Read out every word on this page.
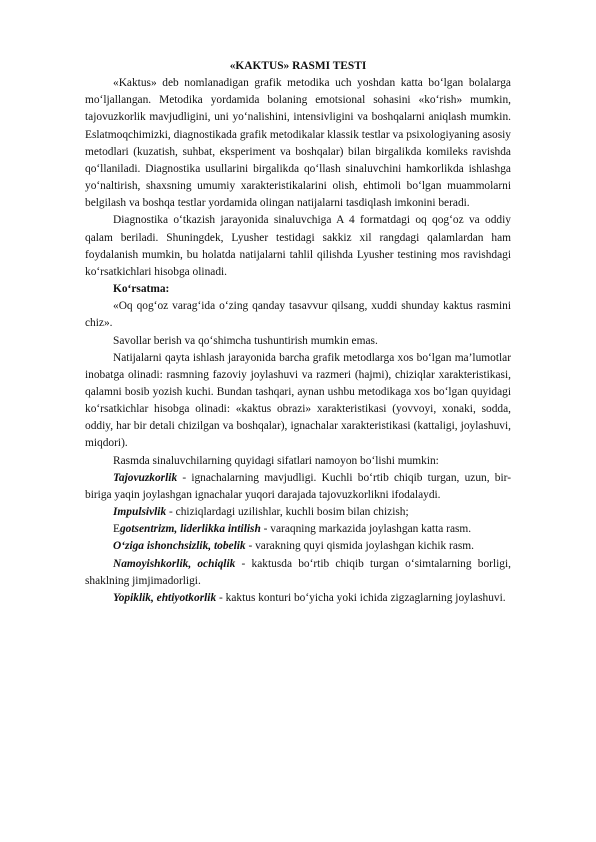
«KAKTUS» RASMI TESTI

«Kaktus» deb nomlanadigan grafik metodika uch yoshdan katta bo‘lgan bolalarga mo‘ljallangan. Metodika yordamida bolaning emotsional sohasini «ko‘rish» mumkin, tajovuzkorlik mavjudligini, uni yo‘nalishini, intensivligini va boshqalarni aniqlash mumkin. Eslatmoqchimizki, diagnostikada grafik metodikalar klassik testlar va psixologiyaning asosiy metodlari (kuzatish, suhbat, eksperiment va boshqalar) bilan birgalikda komileks ravishda qo‘llaniladi. Diagnostika usullarini birgalikda qo‘llash sinaluvchini hamkorlikda ishlashga yo‘naltirish, shaxsning umumiy xarakteristikalarini olish, ehtimoli bo‘lgan muammolarni belgilash va boshqa testlar yordamida olingan natijalarni tasdiqlash imkonini beradi.

Diagnostika o‘tkazish jarayonida sinaluvchiga A 4 formatdagi oq qog‘oz va oddiy qalam beriladi. Shuningdek, Lyusher testidagi sakkiz xil rangdagi qalamlardan ham foydalanish mumkin, bu holatda natijalarni tahlil qilishda Lyusher testining mos ravishdagi ko‘rsatkichlari hisobga olinadi.

Ko‘rsatma:

«Oq qog‘oz varag‘ida o‘zing qanday tasavvur qilsang, xuddi shunday kaktus rasmini chiz».

Savollar berish va qo‘shimcha tushuntirish mumkin emas.

Natijalarni qayta ishlash jarayonida barcha grafik metodlarga xos bo‘lgan ma’lumotlar inobatga olinadi: rasmning fazoviy joylashuvi va razmeri (hajmi), chiziqlar xarakteristikasi, qalamni bosib yozish kuchi. Bundan tashqari, aynan ushbu metodikaga xos bo‘lgan quyidagi ko‘rsatkichlar hisobga olinadi: «kaktus obrazi» xarakteristikasi (yovvoyi, xonaki, sodda, oddiy, har bir detali chizilgan va boshqalar), ignachalar xarakteristikasi (kattaligi, joylashuvi, miqdori).

Rasmda sinaluvchilarning quyidagi sifatlari namoyon bo‘lishi mumkin:

Tajovuzkorlik - ignachalarning mavjudligi. Kuchli bo‘rtib chiqib turgan, uzun, bir-biriga yaqin joylashgan ignachalar yuqori darajada tajovuzkorlikni ifodalaydi.

Impulsivlik - chiziqlardagi uzilishlar, kuchli bosim bilan chizish;

Egotsentrizm, liderlikka intilish - varaqning markazida joylashgan katta rasm.

O‘ziga ishonchsizlik, tobelik - varakning quyi qismida joylashgan kichik rasm.

Namoyishkorlik, ochiqlik - kaktusda bo‘rtib chiqib turgan o‘simtalarning borligi, shaklning jimjimadorligi.

Yopiklik, ehtiyotkorlik - kaktus konturi bo‘yicha yoki ichida zigzaglarning joylashuvi.
